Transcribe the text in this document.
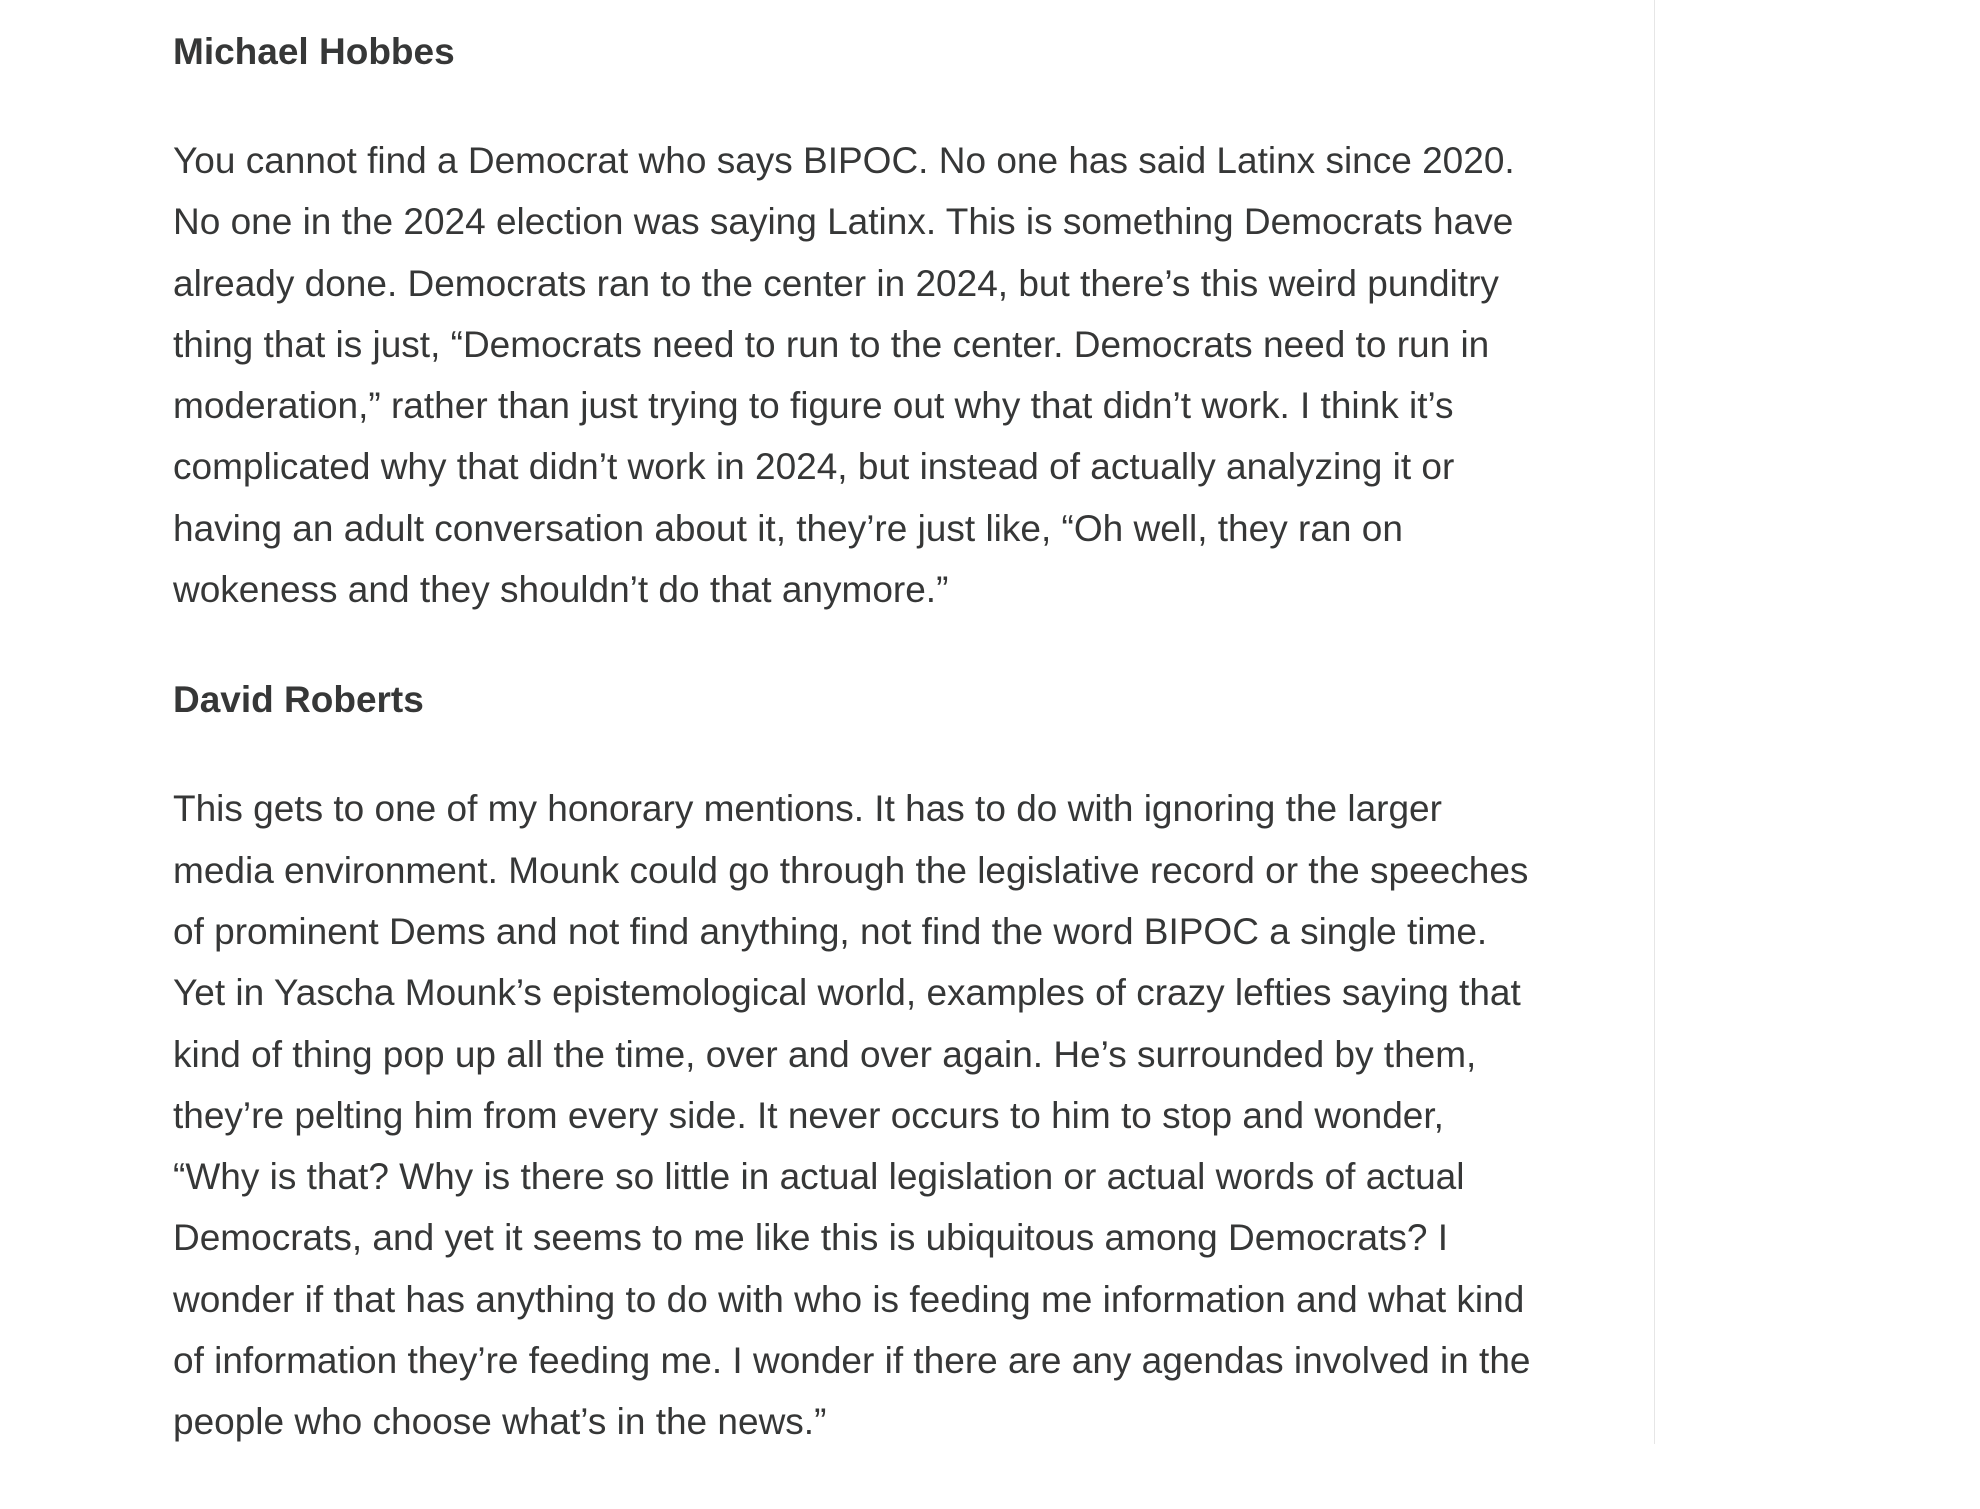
Michael Hobbes
You cannot find a Democrat who says BIPOC. No one has said Latinx since 2020.
No one in the 2024 election was saying Latinx. This is something Democrats have
already done. Democrats ran to the center in 2024, but there’s this weird punditry
thing that is just, “Democrats need to run to the center. Democrats need to run in
moderation,” rather than just trying to figure out why that didn’t work. I think it’s
complicated why that didn’t work in 2024, but instead of actually analyzing it or
having an adult conversation about it, they’re just like, “Oh well, they ran on
wokeness and they shouldn’t do that anymore.”
David Roberts
This gets to one of my honorary mentions. It has to do with ignoring the larger
media environment. Mounk could go through the legislative record or the speeches
of prominent Dems and not find anything, not find the word BIPOC a single time.
Yet in Yascha Mounk’s epistemological world, examples of crazy lefties saying that
kind of thing pop up all the time, over and over again. He’s surrounded by them,
they’re pelting him from every side. It never occurs to him to stop and wonder,
“Why is that? Why is there so little in actual legislation or actual words of actual
Democrats, and yet it seems to me like this is ubiquitous among Democrats? I
wonder if that has anything to do with who is feeding me information and what kind
of information they’re feeding me. I wonder if there are any agendas involved in the
people who choose what’s in the news.”
